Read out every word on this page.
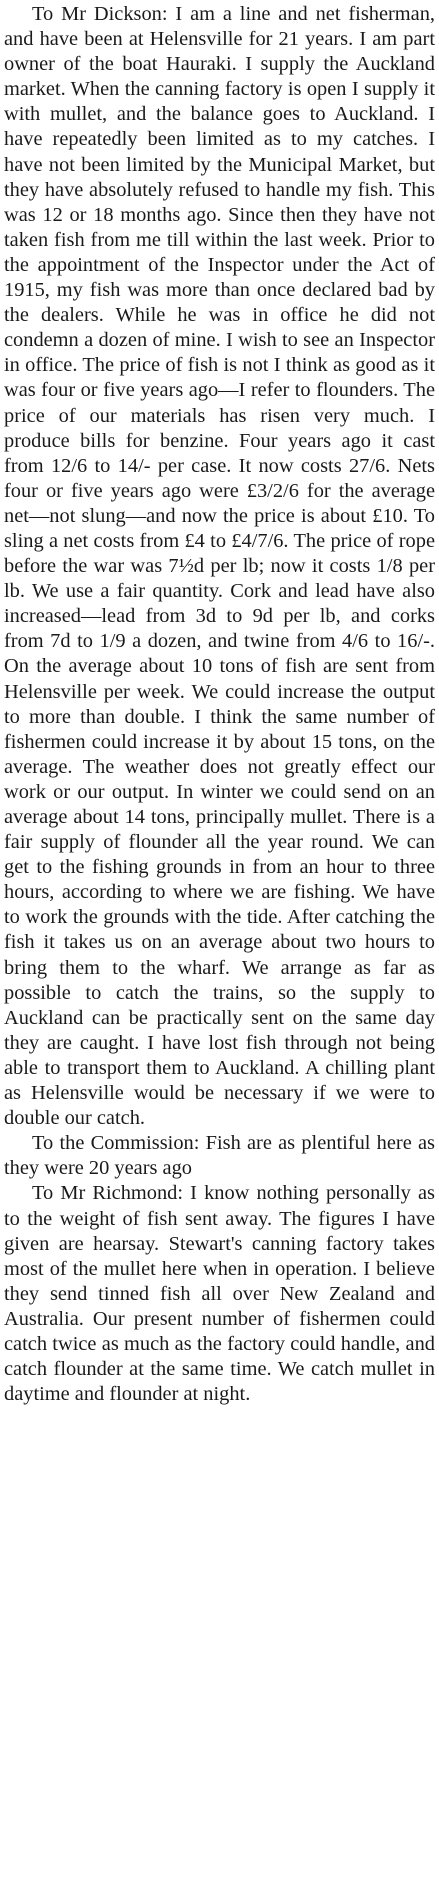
To Mr Dickson: I am a line and net fisherman, and have been at Helensville for 21 years. I am part owner of the boat Hauraki. I supply the Auckland market. When the canning factory is open I supply it with mullet, and the balance goes to Auckland. I have repeatedly been limited as to my catches. I have not been limited by the Municipal Market, but they have absolutely refused to handle my fish. This was 12 or 18 months ago. Since then they have not taken fish from me till within the last week. Prior to the appointment of the Inspector under the Act of 1915, my fish was more than once declared bad by the dealers. While he was in office he did not condemn a dozen of mine. I wish to see an Inspector in office. The price of fish is not I think as good as it was four or five years ago—I refer to flounders. The price of our materials has risen very much. I produce bills for benzine. Four years ago it cast from 12/6 to 14/- per case. It now costs 27/6. Nets four or five years ago were £3/2/6 for the average net—not slung—and now the price is about £10. To sling a net costs from £4 to £4/7/6. The price of rope before the war was 7½d per lb; now it costs 1/8 per lb. We use a fair quantity. Cork and lead have also increased—lead from 3d to 9d per lb, and corks from 7d to 1/9 a dozen, and twine from 4/6 to 16/-. On the average about 10 tons of fish are sent from Helensville per week. We could increase the output to more than double. I think the same number of fishermen could increase it by about 15 tons, on the average. The weather does not greatly effect our work or our output. In winter we could send on an average about 14 tons, principally mullet. There is a fair supply of flounder all the year round. We can get to the fishing grounds in from an hour to three hours, according to where we are fishing. We have to work the grounds with the tide. After catching the fish it takes us on an average about two hours to bring them to the wharf. We arrange as far as possible to catch the trains, so the supply to Auckland can be practically sent on the same day they are caught. I have lost fish through not being able to transport them to Auckland. A chilling plant as Helensville would be necessary if we were to double our catch.

To the Commission: Fish are as plentiful here as they were 20 years ago

To Mr Richmond: I know nothing personally as to the weight of fish sent away. The figures I have given are hearsay. Stewart's canning factory takes most of the mullet here when in operation. I believe they send tinned fish all over New Zealand and Australia. Our present number of fishermen could catch twice as much as the factory could handle, and catch flounder at the same time. We catch mullet in daytime and flounder at night.
